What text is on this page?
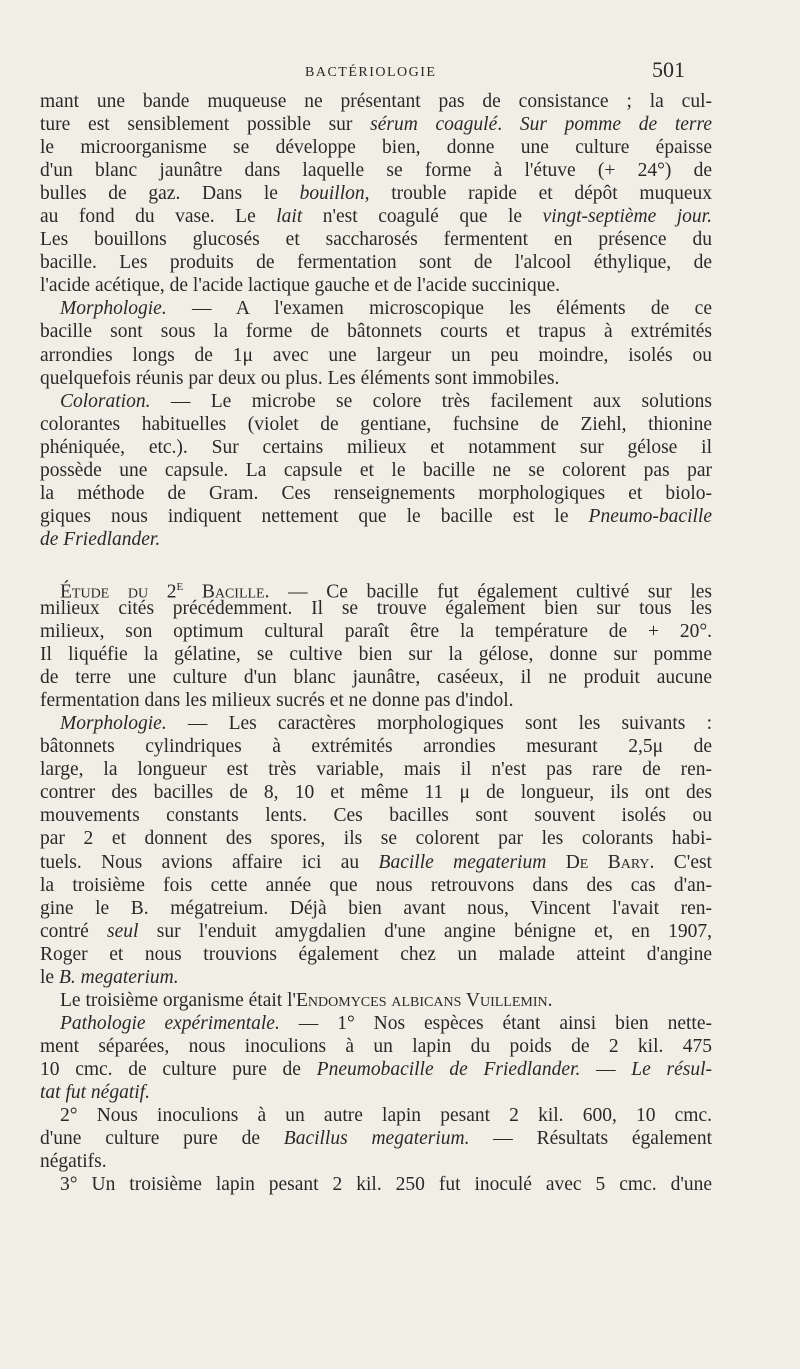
BACTÉRIOLOGIE	501
mant une bande muqueuse ne présentant pas de consistance ; la cul-
ture est sensiblement possible sur sérum coagulé. Sur pomme de terre
le microorganisme se développe bien, donne une culture épaisse
d'un blanc jaunâtre dans laquelle se forme à l'étuve (+ 24°) de
bulles de gaz. Dans le bouillon, trouble rapide et dépôt muqueux
au fond du vase. Le lait n'est coagulé que le vingt-septième jour.
Les bouillons glucosés et saccharosés fermentent en présence du
bacille. Les produits de fermentation sont de l'alcool éthylique, de
l'acide acétique, de l'acide lactique gauche et de l'acide succinique.
Morphologie. — A l'examen microscopique les éléments de ce
bacille sont sous la forme de bâtonnets courts et trapus à extrémités
arrondies longs de 1μ avec une largeur un peu moindre, isolés ou
quelquefois réunis par deux ou plus. Les éléments sont immobiles.
Coloration. — Le microbe se colore très facilement aux solutions
colorantes habituelles (violet de gentiane, fuchsine de Ziehl, thionine
phéniquée, etc.). Sur certains milieux et notamment sur gélose il
possède une capsule. La capsule et le bacille ne se colorent pas par
la méthode de Gram. Ces renseignements morphologiques et biolo-
giques nous indiquent nettement que le bacille est le Pneumo-bacille
de Friedlander.
Étude du 2e Bacille. — Ce bacille fut également cultivé sur les
milieux cités précédemment. Il se trouve également bien sur tous les
milieux, son optimum cultural paraît être la température de + 20°.
Il liquéfie la gélatine, se cultive bien sur la gélose, donne sur pomme
de terre une culture d'un blanc jaunâtre, caséeux, il ne produit aucune
fermentation dans les milieux sucrés et ne donne pas d'indol.
Morphologie. — Les caractères morphologiques sont les suivants :
bâtonnets cylindriques à extrémités arrondies mesurant 2,5μ de
large, la longueur est très variable, mais il n'est pas rare de ren-
contrer des bacilles de 8, 10 et même 11 μ de longueur, ils ont des
mouvements constants lents. Ces bacilles sont souvent isolés ou
par 2 et donnent des spores, ils se colorent par les colorants habi-
tuels. Nous avions affaire ici au Bacille megaterium De Bary. C'est
la troisième fois cette année que nous retrouvons dans des cas d'an-
gine le B. mégatreium. Déjà bien avant nous, Vincent l'avait ren-
contré seul sur l'enduit amygdalien d'une angine bénigne et, en 1907,
Roger et nous trouvions également chez un malade atteint d'angine
le B. megaterium.
Le troisième organisme était l'Endomyces albicans Vuillemin.
Pathologie expérimentale. — 1° Nos espèces étant ainsi bien nette-
ment séparées, nous inoculions à un lapin du poids de 2 kil. 475
10 cmc. de culture pure de Pneumobacille de Friedlander. — Le résul-
tat fut négatif.
2° Nous inoculions à un autre lapin pesant 2 kil. 600, 10 cmc.
d'une culture pure de Bacillus megaterium. — Résultats également
négatifs.
3° Un troisième lapin pesant 2 kil. 250 fut inoculé avec 5 cmc. d'une
